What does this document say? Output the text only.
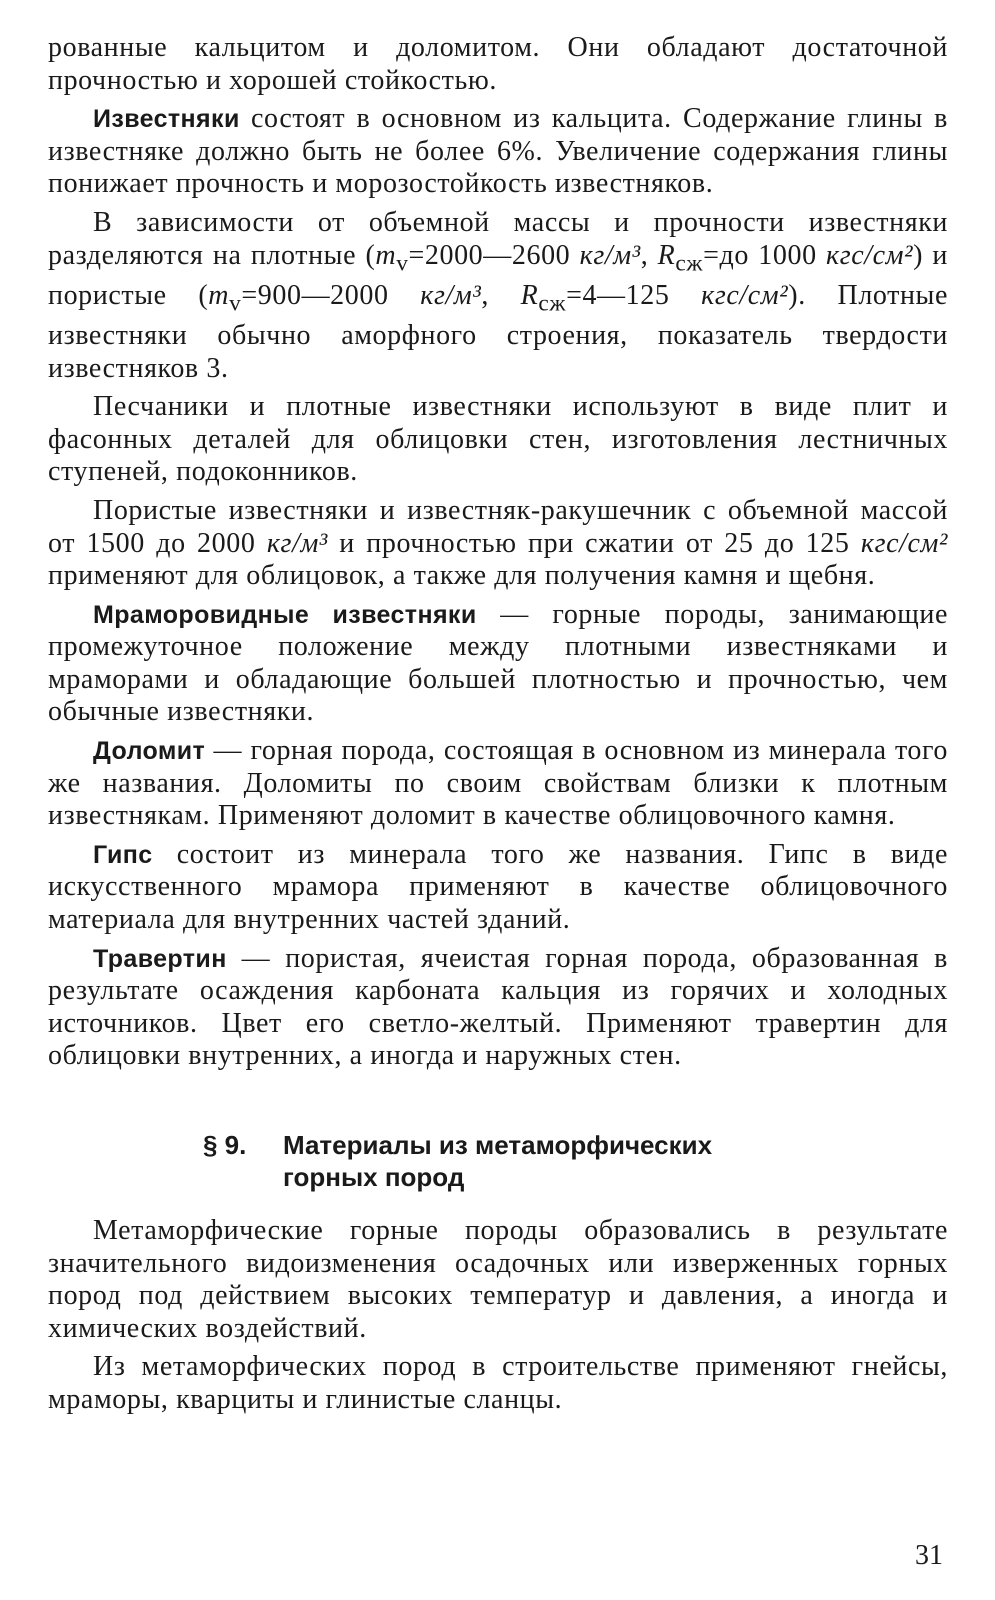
рованные кальцитом и доломитом. Они обладают достаточной прочностью и хорошей стойкостью.

Известняки состоят в основном из кальцита. Содержание глины в известняке должно быть не более 6%. Увеличение содержания глины понижает прочность и морозостойкость известняков.

В зависимости от объемной массы и прочности известняки разделяются на плотные ($m_v=2000—2600$ кг/м³, $R_{сж}=до$ 1000 кгс/см²) и пористые ($m_v=900—2000$ кг/м³, $R_{сж}=4—125$ кгс/см²). Плотные известняки обычно аморфного строения, показатель твердости известняков 3.

Песчаники и плотные известняки используют в виде плит и фасонных деталей для облицовки стен, изготовления лестничных ступеней, подоконников.

Пористые известняки и известняк-ракушечник с объемной массой от 1500 до 2000 кг/м³ и прочностью при сжатии от 25 до 125 кгс/см² применяют для облицовок, а также для получения камня и щебня.

Мраморовидные известняки — горные породы, занимающие промежуточное положение между плотными известняками и мраморами и обладающие большей плотностью и прочностью, чем обычные известняки.

Доломит — горная порода, состоящая в основном из минерала того же названия. Доломиты по своим свойствам близки к плотным известнякам. Применяют доломит в качестве облицовочного камня.

Гипс состоит из минерала того же названия. Гипс в виде искусственного мрамора применяют в качестве облицовочного материала для внутренних частей зданий.

Травертин — пористая, ячеистая горная порода, образованная в результате осаждения карбоната кальция из горячих и холодных источников. Цвет его светло-желтый. Применяют травертин для облицовки внутренних, а иногда и наружных стен.

§ 9. Материалы из метаморфических
горных пород

Метаморфические горные породы образовались в результате значительного видоизменения осадочных или изверженных горных пород под действием высоких температур и давления, а иногда и химических воздействий.

Из метаморфических пород в строительстве применяют гнейсы, мраморы, кварциты и глинистые сланцы.

31
